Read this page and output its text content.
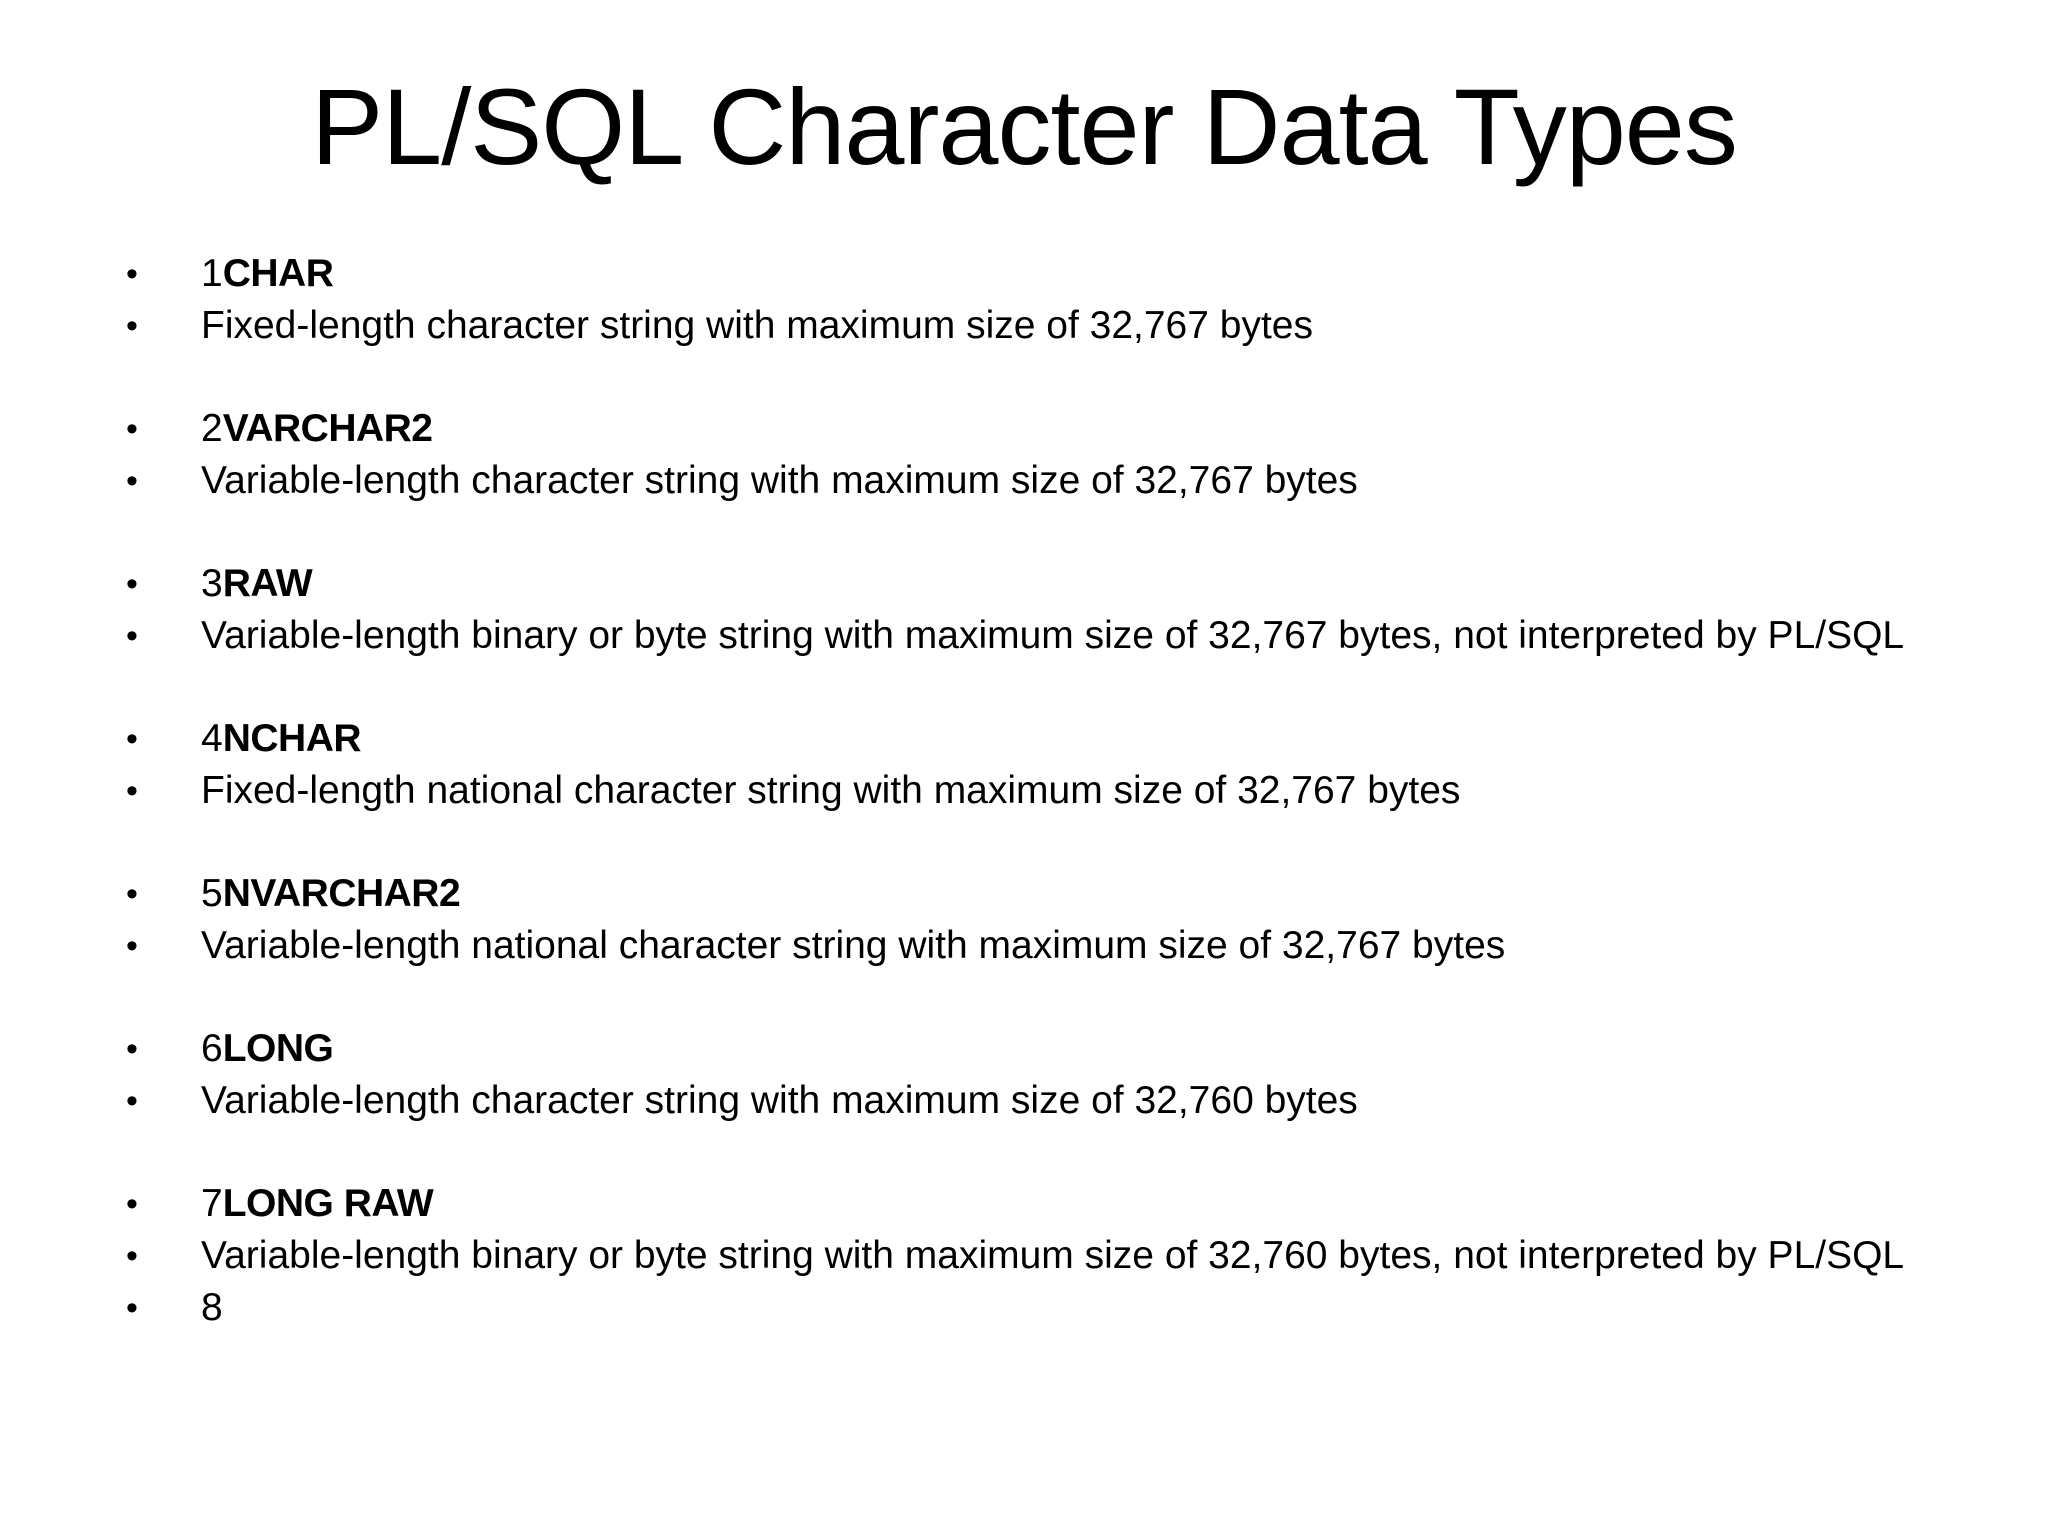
PL/SQL Character Data Types
• 1CHAR
• Fixed-length character string with maximum size of 32,767 bytes
• 2VARCHAR2
• Variable-length character string with maximum size of 32,767 bytes
• 3RAW
• Variable-length binary or byte string with maximum size of 32,767 bytes, not interpreted by PL/SQL
• 4NCHAR
• Fixed-length national character string with maximum size of 32,767 bytes
• 5NVARCHAR2
• Variable-length national character string with maximum size of 32,767 bytes
• 6LONG
• Variable-length character string with maximum size of 32,760 bytes
• 7LONG RAW
• Variable-length binary or byte string with maximum size of 32,760 bytes, not interpreted by PL/SQL
• 8
